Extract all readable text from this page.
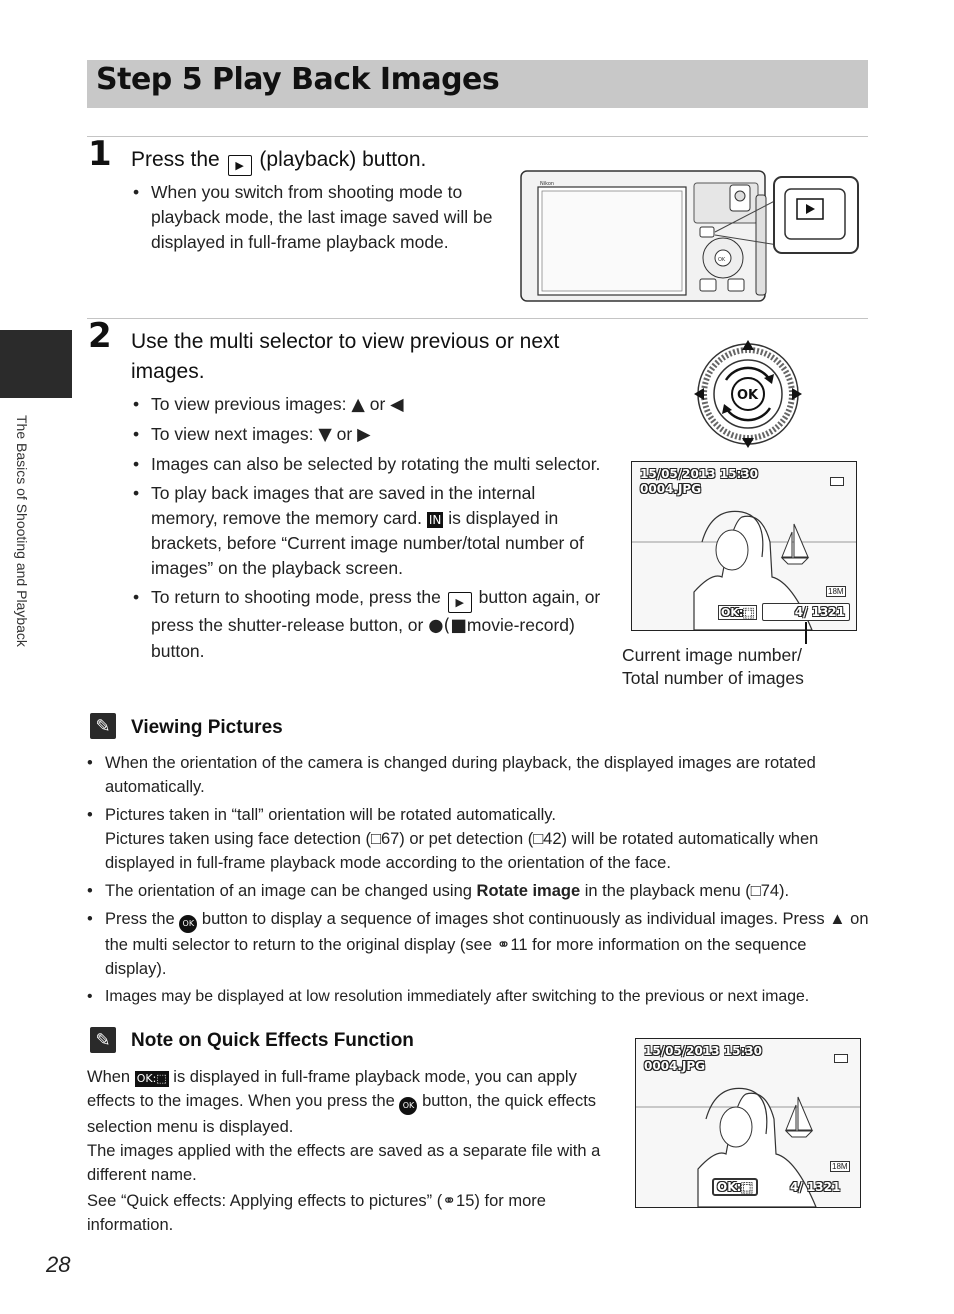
Step 5 Play Back Images
The Basics of Shooting and Playback
1 Press the ▶ (playback) button.
• When you switch from shooting mode to playback mode, the last image saved will be displayed in full-frame playback mode.
Nikon
OK
2 Use the multi selector to view previous or next images.
• To view previous images: ▲ or ◀
• To view next images: ▼ or ▶
• Images can also be selected by rotating the multi selector.
• To play back images that are saved in the internal memory, remove the memory card. IN is displayed in brackets, before “Current image number/total number of images” on the playback screen.
• To return to shooting mode, press the ▶ button again, or press the shutter-release button, or ●(■movie-record) button.
OK
15/05/2013 15:30
0004.JPG
18M
OK:⬚	4/ 1321
Current image number/
Total number of images
✎ Viewing Pictures
• When the orientation of the camera is changed during playback, the displayed images are rotated automatically.
• Pictures taken in “tall” orientation will be rotated automatically.
Pictures taken using face detection (□67) or pet detection (□42) will be rotated automatically when displayed in full-frame playback mode according to the orientation of the face.
• The orientation of an image can be changed using Rotate image in the playback menu (□74).
• Press the OK button to display a sequence of images shot continuously as individual images. Press ▲ on the multi selector to return to the original display (see ⚭11 for more information on the sequence display).
• Images may be displayed at low resolution immediately after switching to the previous or next image.
✎ Note on Quick Effects Function
When OK:⬚ is displayed in full-frame playback mode, you can apply effects to the images. When you press the OK button, the quick effects selection menu is displayed.
The images applied with the effects are saved as a separate file with a different name.
See “Quick effects: Applying effects to pictures” (⚭15) for more information.
15/05/2013 15:30
0004.JPG
18M
OK:⬚	4/ 1321
28
